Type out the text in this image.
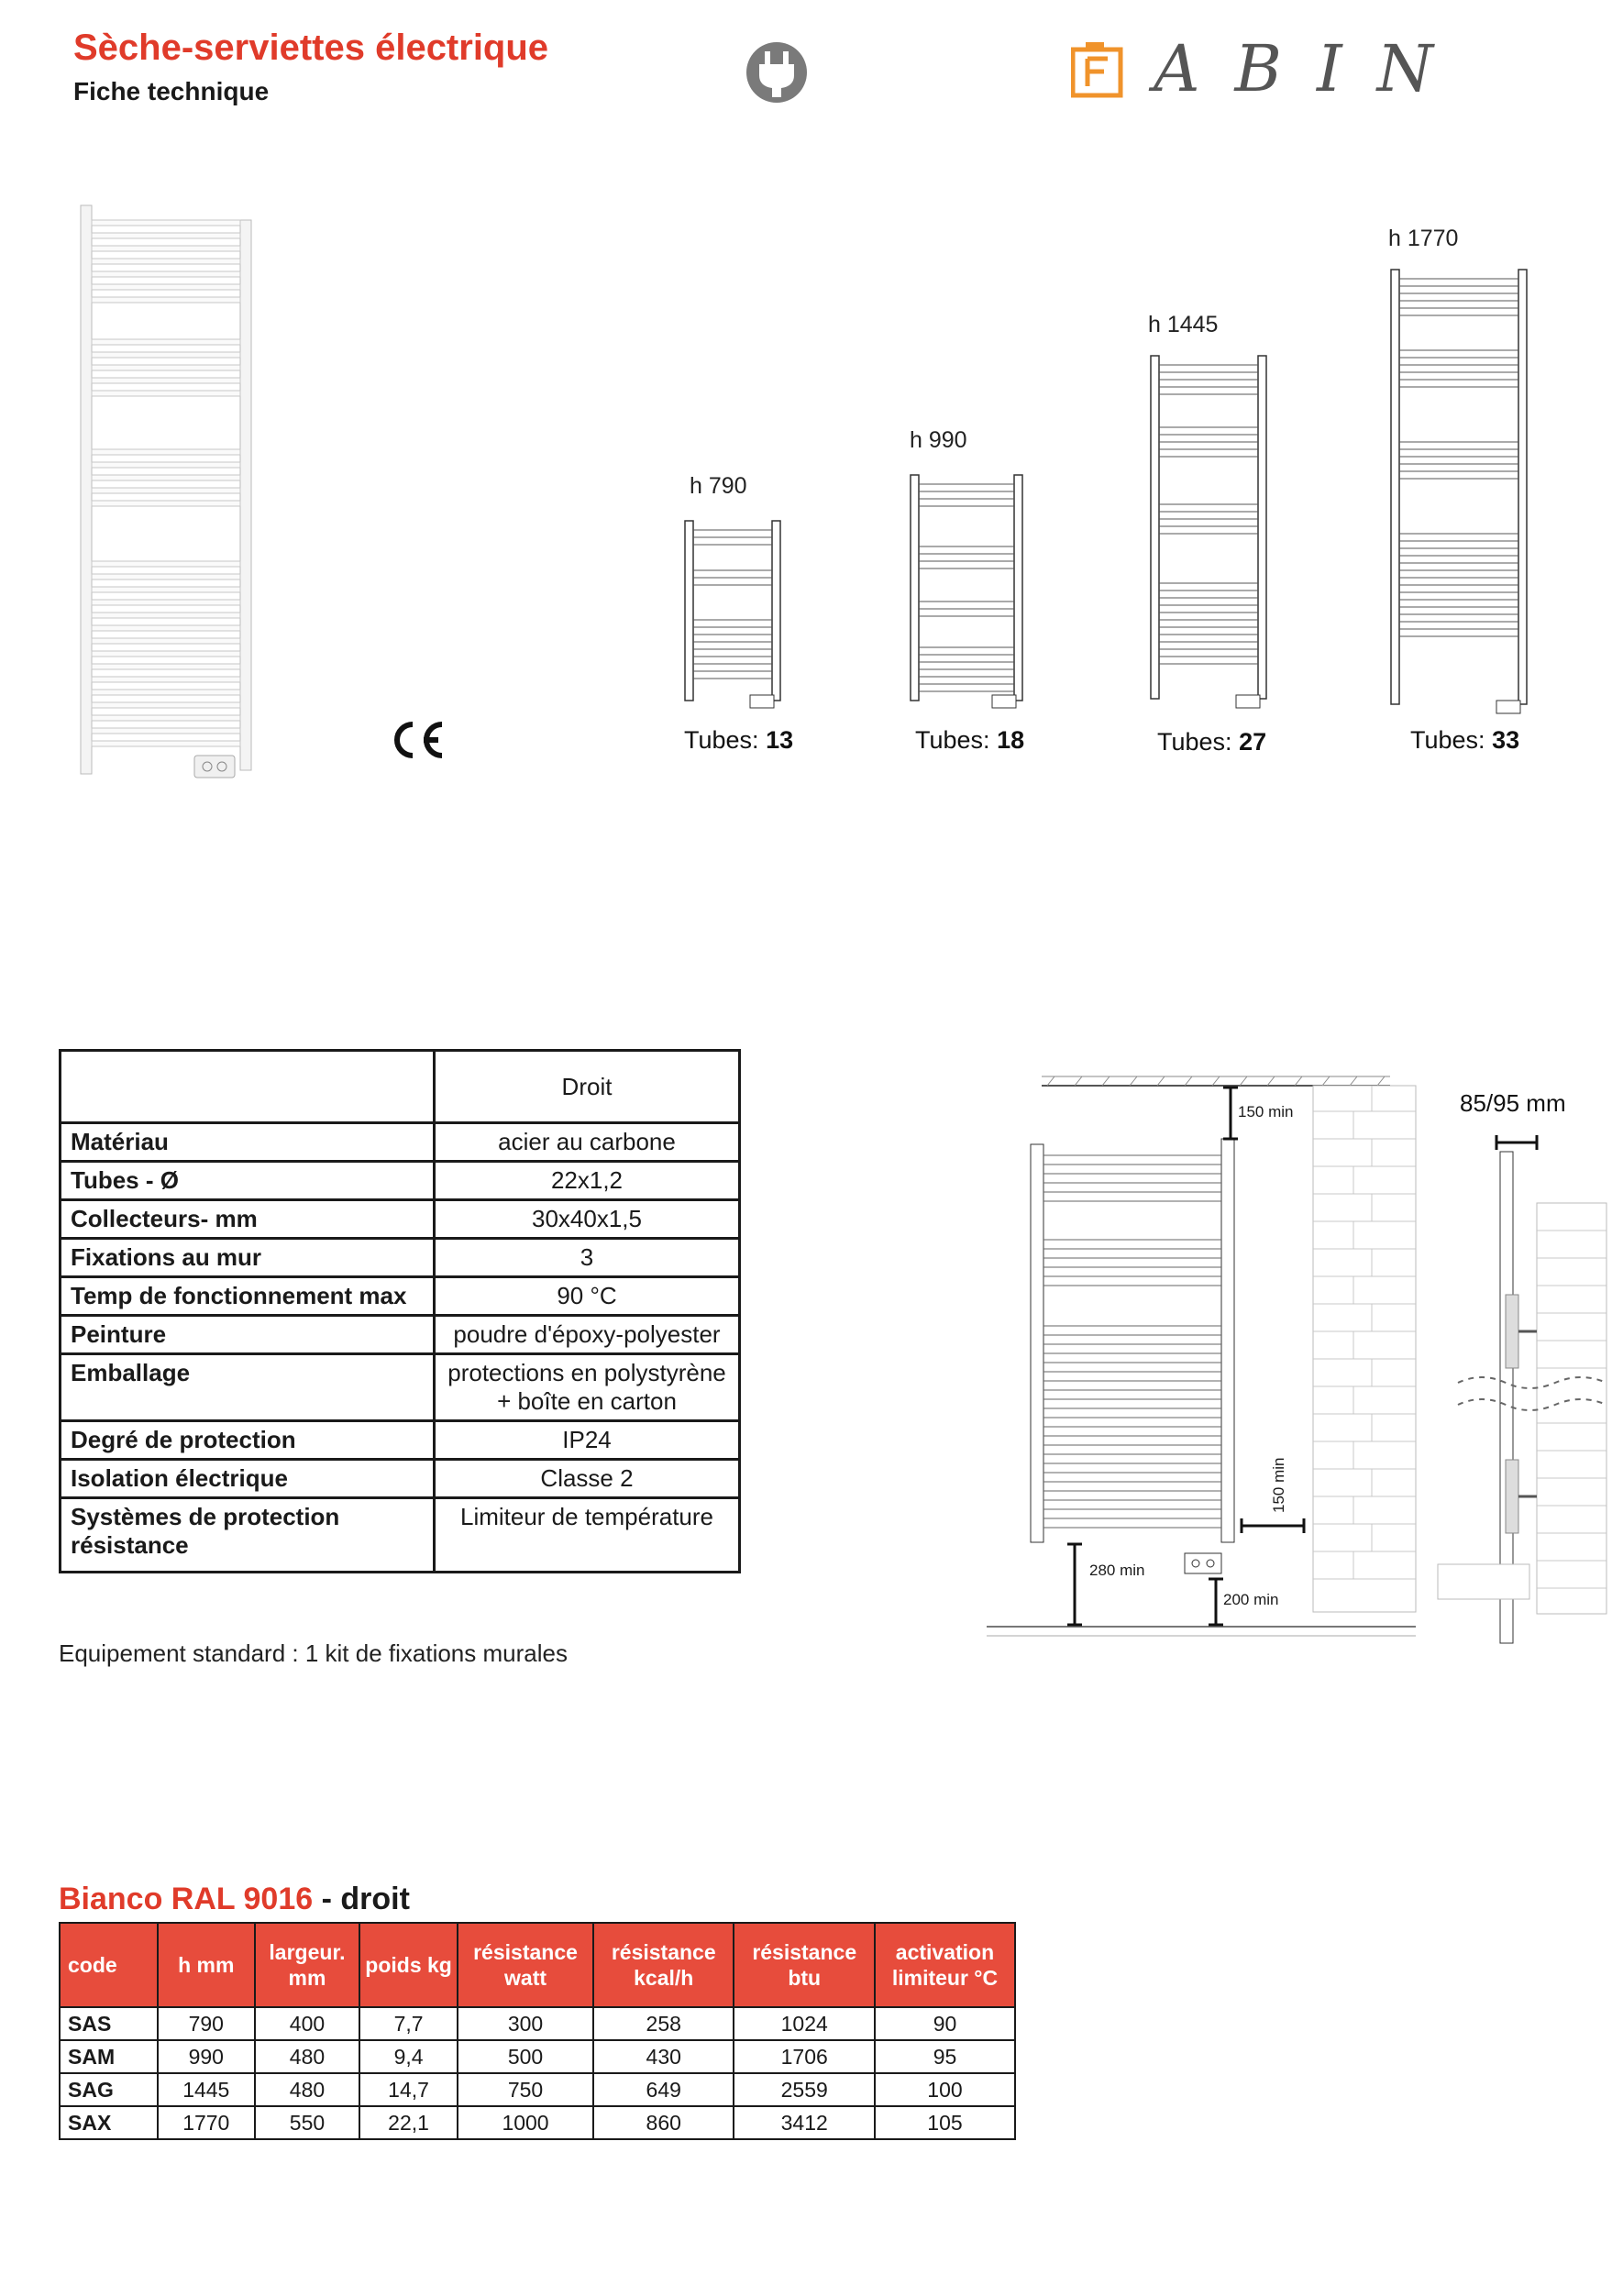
Sèche-serviettes électrique
Fiche technique	ABIN
h 790
Tubes: 13
h 990
Tubes: 18
h 1445
Tubes: 27
h 1770
Tubes: 33
	Droit
Matériau	acier au carbone
Tubes - Ø	22x1,2
Collecteurs- mm	30x40x1,5
Fixations au mur	3
Temp de fonctionnement max	90 °C
Peinture	poudre d'époxy-polyester
Emballage	protections en polystyrène + boîte en carton
Degré de protection	IP24
Isolation électrique	Classe 2
Systèmes de protection résistance	Limiteur de température
Equipement standard : 1 kit de fixations murales
150 min
280 min
200 min
150 min
85/95 mm
Bianco RAL 9016 - droit
code	h mm	largeur. mm	poids kg	résistance watt	résistance kcal/h	résistance btu	activation limiteur °C
SAS	790	400	7,7	300	258	1024	90
SAM	990	480	9,4	500	430	1706	95
SAG	1445	480	14,7	750	649	2559	100
SAX	1770	550	22,1	1000	860	3412	105
